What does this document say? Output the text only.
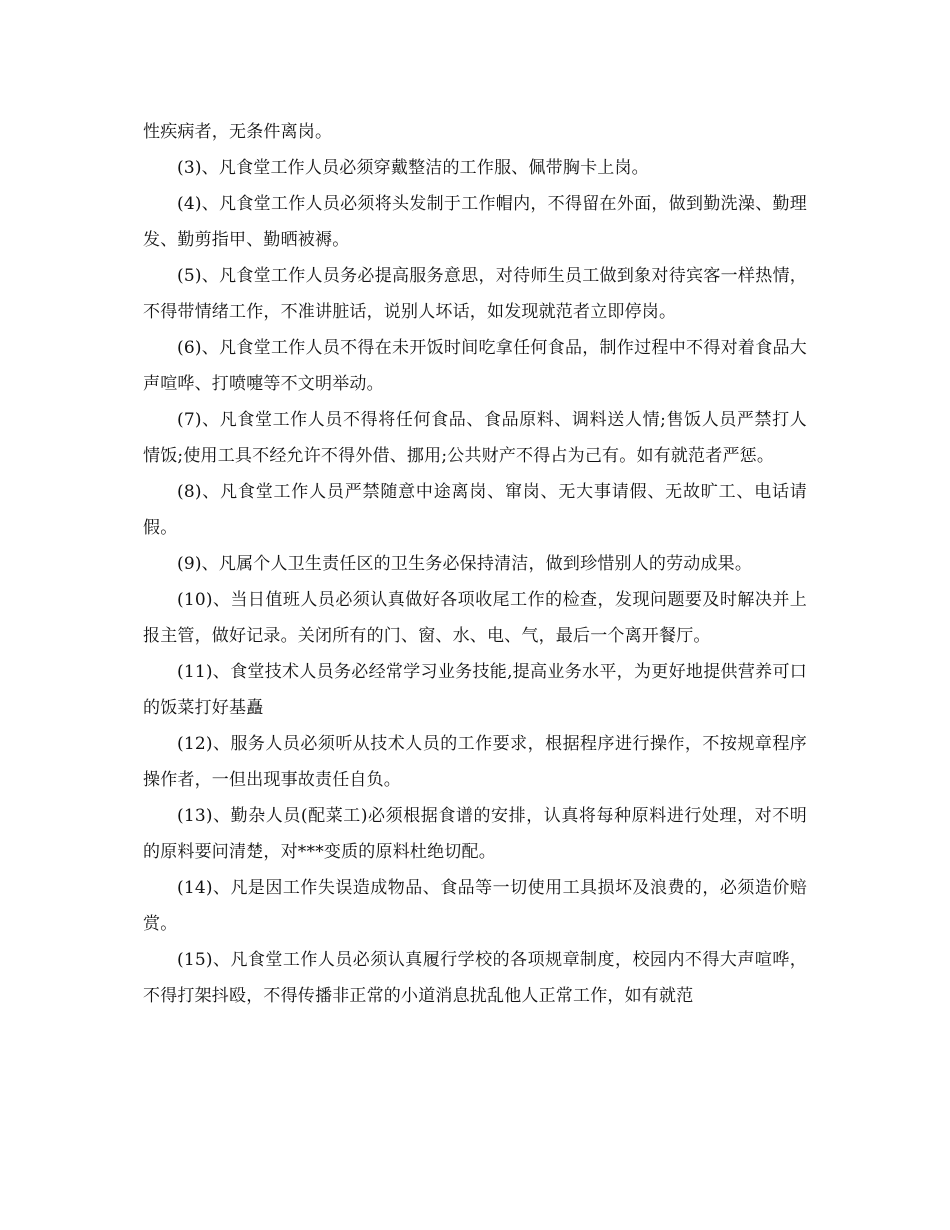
性疾病者，无条件离岗。

(3)、凡食堂工作人员必须穿戴整洁的工作服、佩带胸卡上岗。

(4)、凡食堂工作人员必须将头发制于工作帽内，不得留在外面，做到勤洗澡、勤理发、勤剪指甲、勤晒被褥。

(5)、凡食堂工作人员务必提高服务意思，对待师生员工做到象对待宾客一样热情，不得带情绪工作，不准讲脏话，说别人坏话，如发现就范者立即停岗。

(6)、凡食堂工作人员不得在未开饭时间吃拿任何食品，制作过程中不得对着食品大声喧哗、打喷嚏等不文明举动。

(7)、凡食堂工作人员不得将任何食品、食品原料、调料送人情;售饭人员严禁打人情饭;使用工具不经允许不得外借、挪用;公共财产不得占为己有。如有就范者严惩。

(8)、凡食堂工作人员严禁随意中途离岗、窜岗、无大事请假、无故旷工、电话请假。

(9)、凡属个人卫生责任区的卫生务必保持清洁，做到珍惜别人的劳动成果。

(10)、当日值班人员必须认真做好各项收尾工作的检查，发现问题要及时解决并上报主管，做好记录。关闭所有的门、窗、水、电、气，最后一个离开餐厅。

(11)、食堂技术人员务必经常学习业务技能,提高业务水平，为更好地提供营养可口的饭菜打好基矗

(12)、服务人员必须听从技术人员的工作要求，根据程序进行操作，不按规章程序操作者，一但出现事故责任自负。

(13)、勤杂人员(配菜工)必须根据食谱的安排，认真将每种原料进行处理，对不明的原料要问清楚，对***变质的原料杜绝切配。

(14)、凡是因工作失误造成物品、食品等一切使用工具损坏及浪费的，必须造价赔赏。

(15)、凡食堂工作人员必须认真履行学校的各项规章制度，校园内不得大声喧哗，不得打架抖殴，不得传播非正常的小道消息扰乱他人正常工作，如有就范
